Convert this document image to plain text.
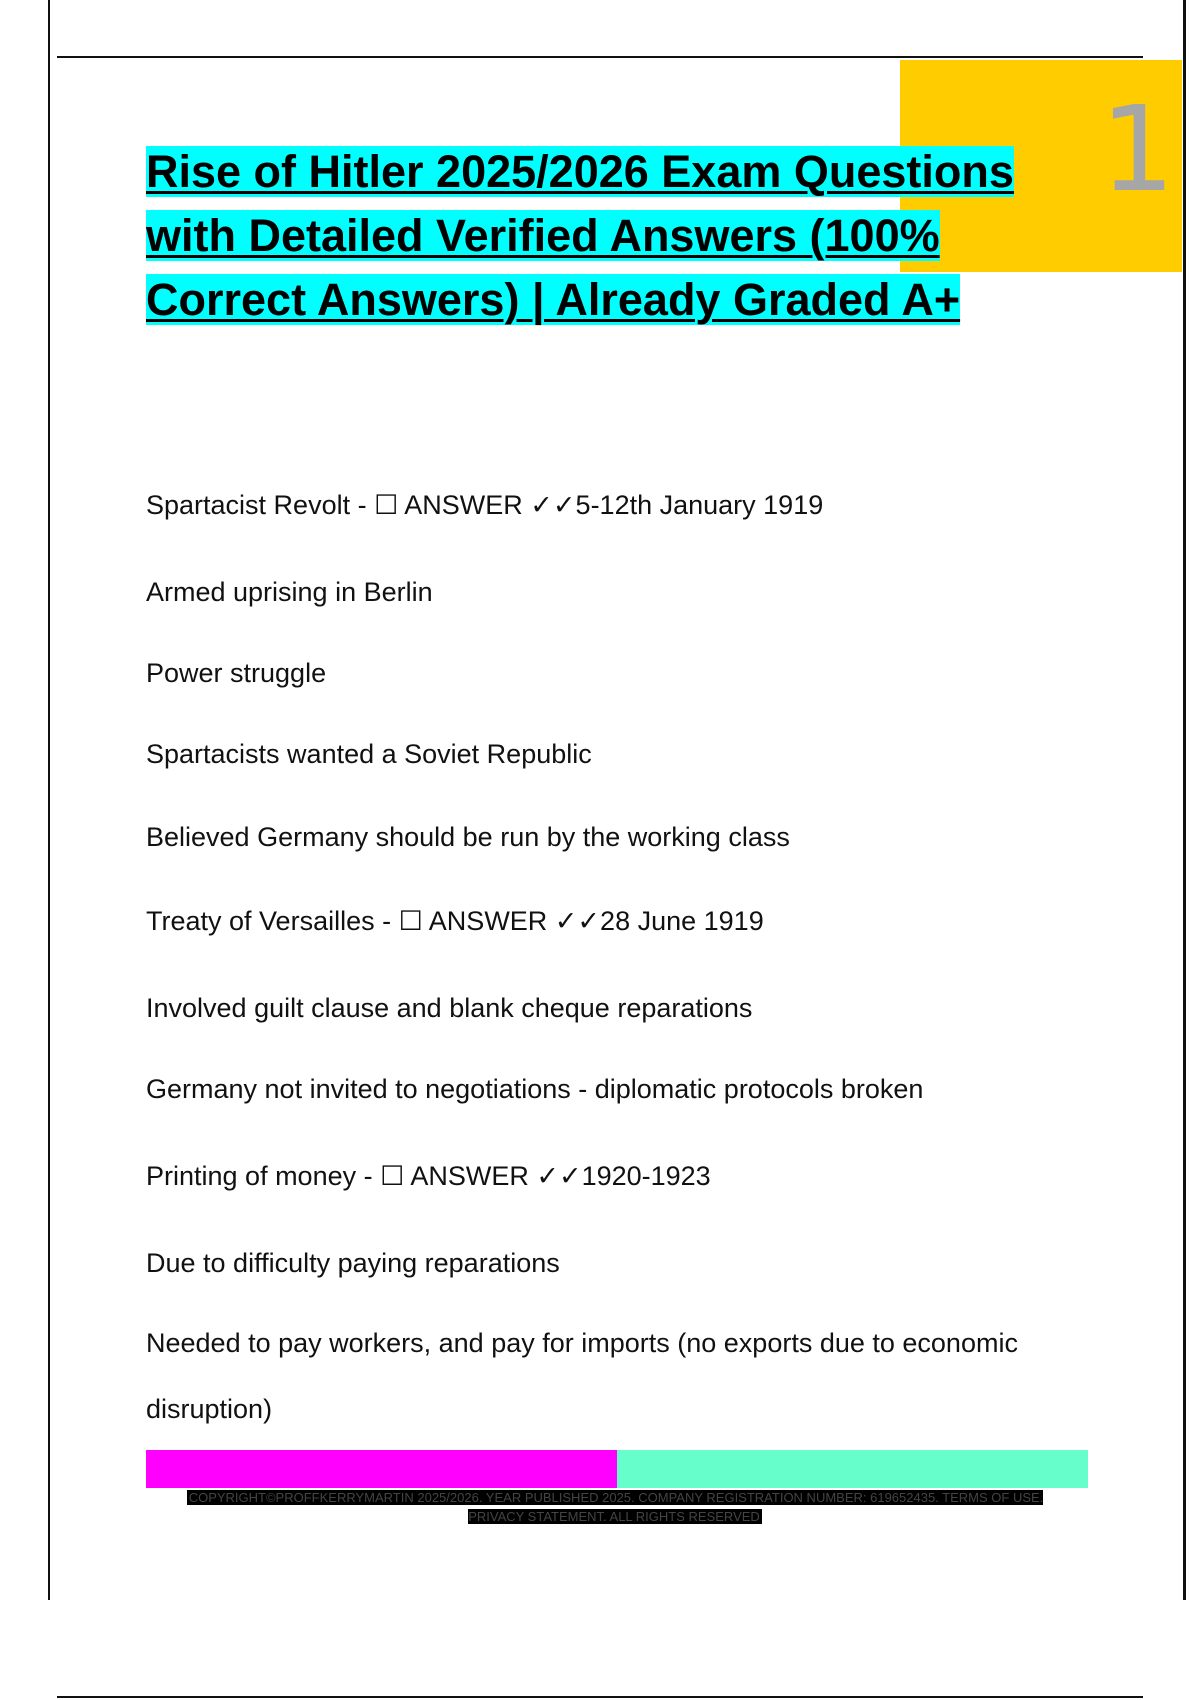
1
Rise of Hitler 2025/2026 Exam Questions with Detailed Verified Answers (100% Correct Answers) | Already Graded A+
Spartacist Revolt - ☐ ANSWER ✓✓5-12th January 1919
Armed uprising in Berlin
Power struggle
Spartacists wanted a Soviet Republic
Believed Germany should be run by the working class
Treaty of Versailles - ☐ ANSWER ✓✓28 June 1919
Involved guilt clause and blank cheque reparations
Germany not invited to negotiations - diplomatic protocols broken
Printing of money - ☐ ANSWER ✓✓1920-1923
Due to difficulty paying reparations
Needed to pay workers, and pay for imports (no exports due to economic
disruption)
COPYRIGHT©PROFFKERRYMARTIN 2025/2026. YEAR PUBLISHED 2025. COMPANY REGISTRATION NUMBER: 619652435. TERMS OF USE. PRIVACY STATEMENT. ALL RIGHTS RESERVED
